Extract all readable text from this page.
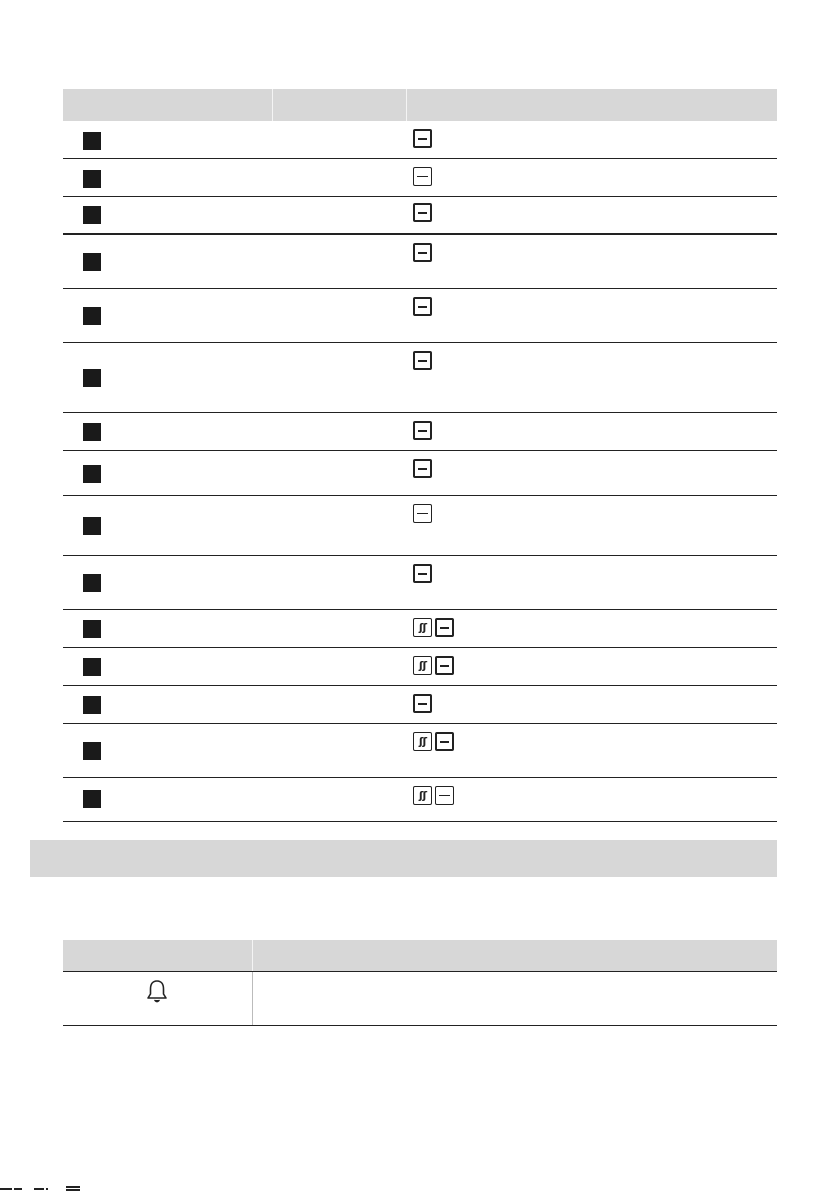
ʃʃ
ʃʃ
ʃʃ
ʃʃ
